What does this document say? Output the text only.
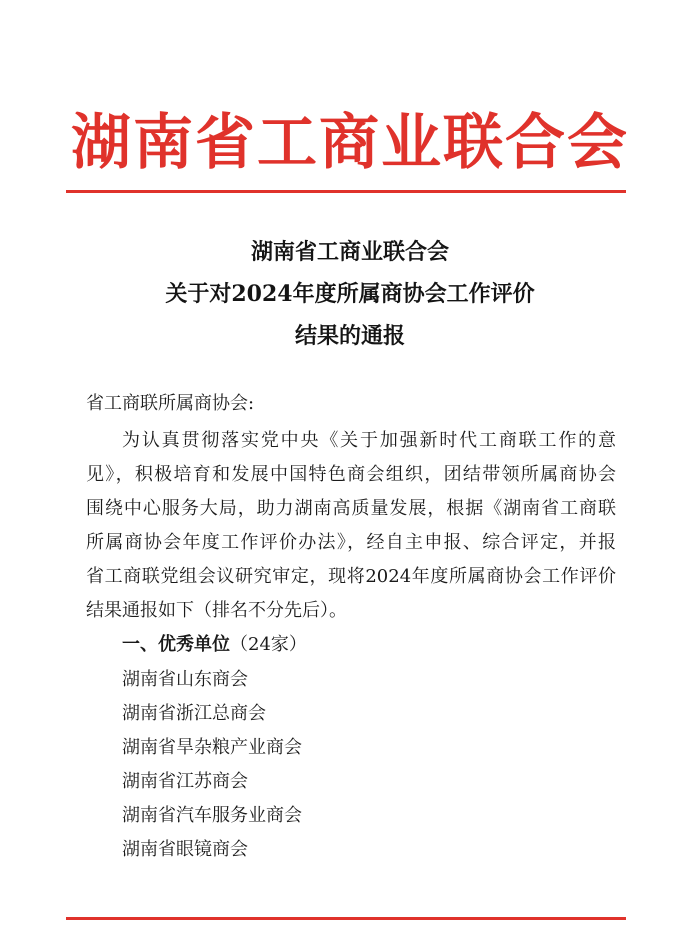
湖南省工商业联合会
湖南省工商业联合会
关于对2024年度所属商协会工作评价
结果的通报
省工商联所属商协会:
为认真贯彻落实党中央《关于加强新时代工商联工作的意
见》，积极培育和发展中国特色商会组织，团结带领所属商协会
围绕中心服务大局，助力湖南高质量发展，根据《湖南省工商联
所属商协会年度工作评价办法》，经自主申报、综合评定，并报
省工商联党组会议研究审定，现将2024年度所属商协会工作评价
结果通报如下（排名不分先后）。
一、优秀单位（24家）
湖南省山东商会
湖南省浙江总商会
湖南省旱杂粮产业商会
湖南省江苏商会
湖南省汽车服务业商会
湖南省眼镜商会
